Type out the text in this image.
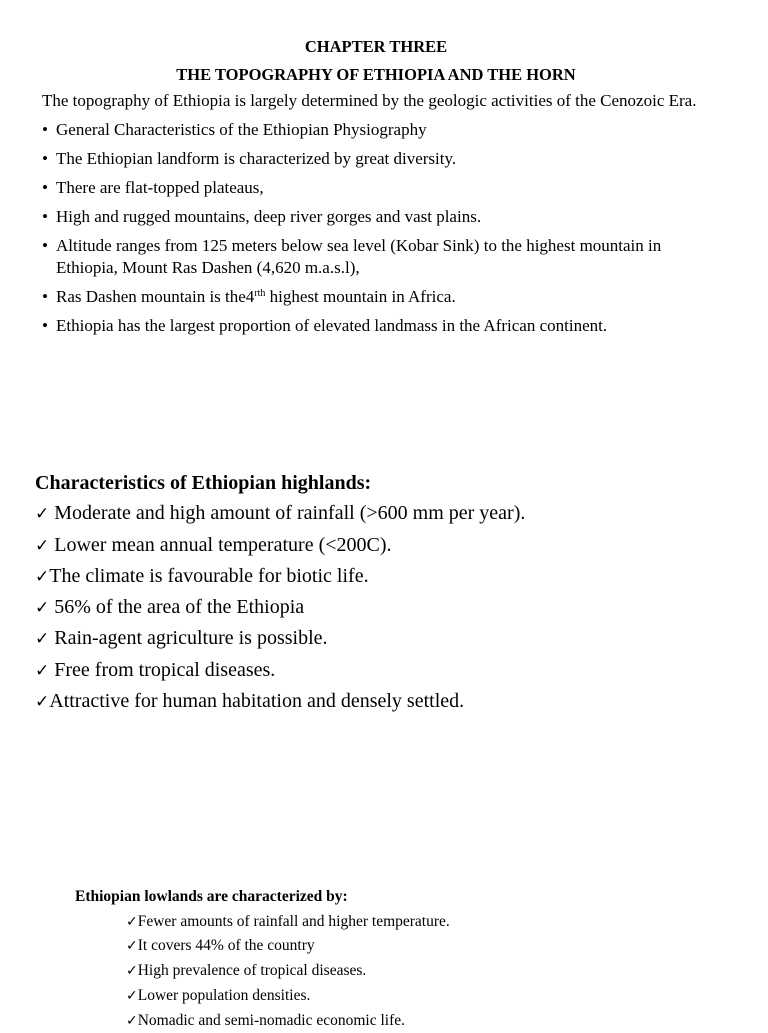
CHAPTER THREE

THE TOPOGRAPHY OF ETHIOPIA AND THE HORN

The topography of Ethiopia is largely determined by the geologic activities of the Cenozoic Era.

• General Characteristics of the Ethiopian Physiography
• The Ethiopian landform is characterized by great diversity.
• There are flat-topped plateaus,
• High and rugged mountains, deep river gorges and vast plains.
• Altitude ranges from 125 meters below sea level (Kobar Sink) to the highest mountain in Ethiopia, Mount Ras Dashen (4,620 m.a.s.l),
• Ras Dashen mountain is $the4^{rth}$ highest mountain in Africa.
• Ethiopia has the largest proportion of elevated landmass in the African continent.

Characteristics of Ethiopian highlands:

✓ Moderate and high amount of rainfall (>600 mm per year).
✓ Lower mean annual temperature (<200C).
✓The climate is favourable for biotic life.
✓ 56% of the area of the Ethiopia
✓ Rain-agent agriculture is possible.
✓ Free from tropical diseases.
✓Attractive for human habitation and densely settled.

Ethiopian lowlands are characterized by:

✓Fewer amounts of rainfall and higher temperature.
✓It covers 44% of the country
✓High prevalence of tropical diseases.
✓Lower population densities.
✓Nomadic and semi-nomadic economic life.
